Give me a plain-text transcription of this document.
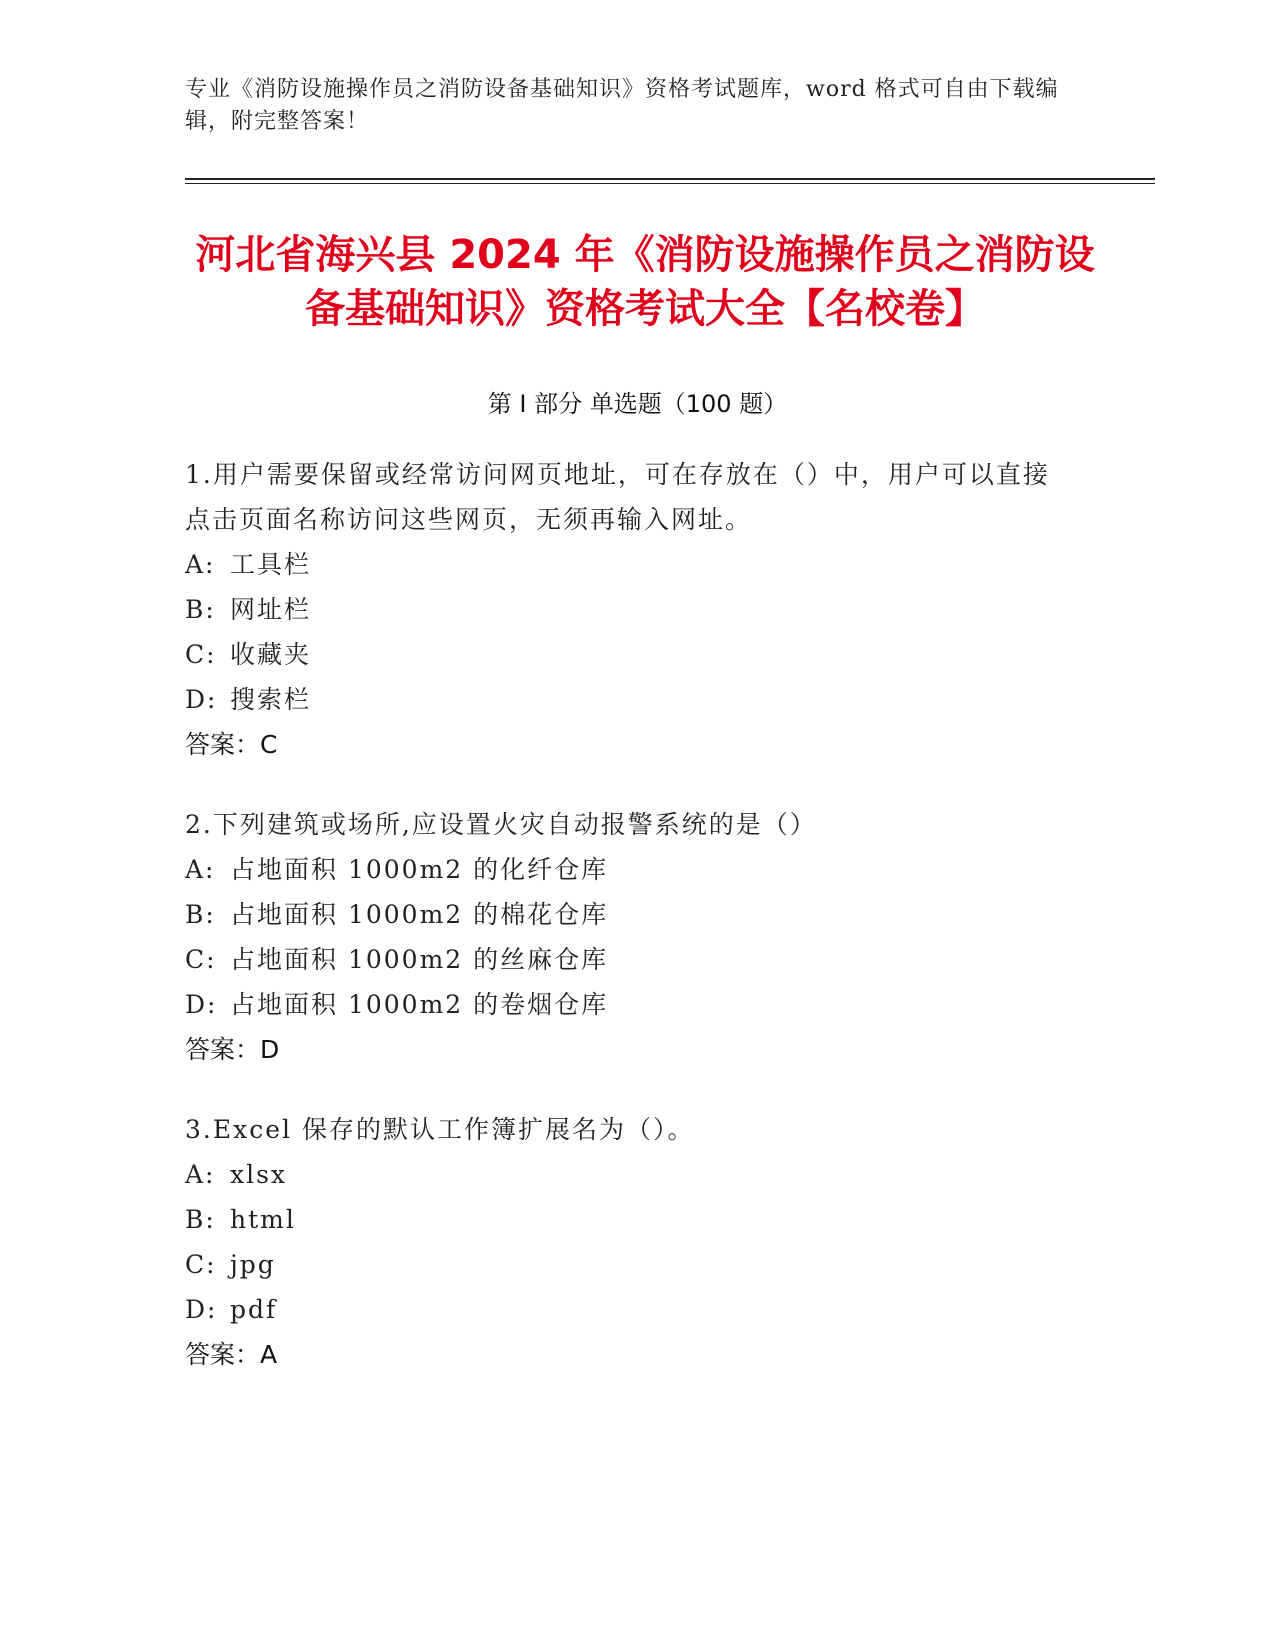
专业《消防设施操作员之消防设备基础知识》资格考试题库，word 格式可自由下载编辑，附完整答案！
河北省海兴县 2024 年《消防设施操作员之消防设备基础知识》资格考试大全【名校卷】
第 I 部分 单选题（100 题）
1.用户需要保留或经常访问网页地址，可在存放在（）中，用户可以直接点击页面名称访问这些网页，无须再输入网址。
A: 工具栏
B: 网址栏
C: 收藏夹
D: 搜索栏
答案：C
2.下列建筑或场所,应设置火灾自动报警系统的是（）
A: 占地面积 1000m2 的化纤仓库
B: 占地面积 1000m2 的棉花仓库
C: 占地面积 1000m2 的丝麻仓库
D: 占地面积 1000m2 的卷烟仓库
答案：D
3.Excel 保存的默认工作簿扩展名为（）。
A: xlsx
B: html
C: jpg
D: pdf
答案：A
